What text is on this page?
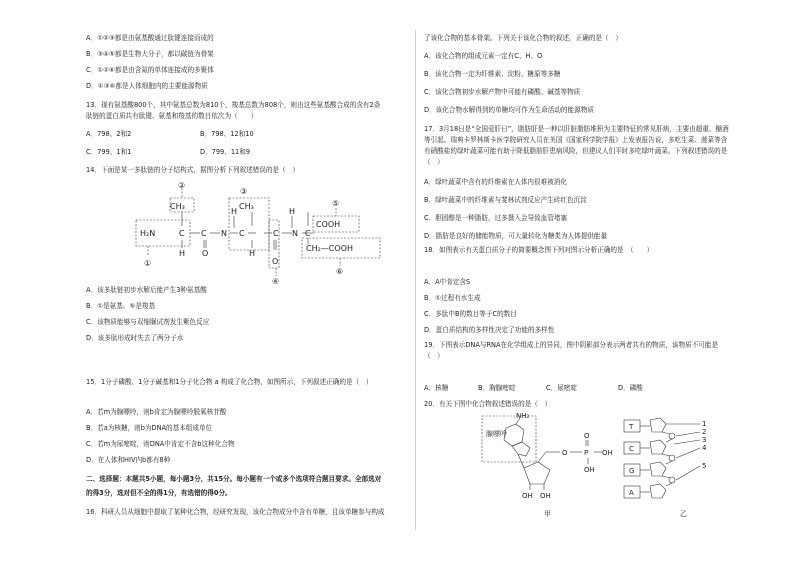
A．①②③都是由氨基酸通过肽键连接而成的
B．③④⑤都是生物大分子，都以碳链为骨架
C．①②⑥都是由含氮的单体连接成的多聚体
D．①③⑥都是人体细胞内的主要能源物质
13．现有氨基酸800个，其中氨基总数为810个，羧基总数为808个，则由这些氨基酸合成的含有2条肽链的蛋白质共有肽键、氨基和羧基的数目依次为（　　）
A．798、2和2	B．798、12和10
C．799、1和1	D．799、11和9
14．下面是某一多肽链的分子结构式，据图分析下列叙述错误的是（　）
②
CH₃
③
CH₃	⑤
H₂N	C C N
H
C	C
H
N C
COOH
CH₂—COOH
H O	H
O
①
④
⑥
A．该多肽链初步水解后能产生3种氨基酸
B．①是氨基、⑤是羧基
C．该物质能够与双缩脲试剂发生紫色反应
D．该多肽形成时失去了两分子水
15．1分子磷酸、1分子碱基和1分子化合物 a 构成了化合物，如图所示，下列叙述正确的是（　）
A．若m为腺嘌呤，则b肯定为腺嘌呤脱氧核苷酸
B．若a为核糖，则b为DNA的基本组成单位
C．若m为尿嘧啶，则DNA中肯定不含b这种化合物
D．在人体和HIV内b都有8种
二、选择题：本题共5小题，每小题3分，共15分。每小题有一个或多个选项符合题目要求。全部选对的得3分，选对但不全的得1分，有选错的得0分。
16．科研人员从细胞中提取了某种化合物，经研究发现，该化合物成分中含有单糖，且该单糖参与构成
了该化合物的基本骨架。下列关于该化合物的叙述，正确的是（　）
A．该化合物的组成元素一定有C、H、O
B．该化合物一定为纤维素、淀粉、糖原等多糖
C．该化合物初步水解产物中可能有磷酸、碱基等物质
D．该化合物水解得到的单糖均可作为生命活动的能源物质
17．3月18日是“全国爱肝日”，脂肪肝是一种以肝脏脂肪堆积为主要特征的常见肝病，主要由超重、酗酒等引起。瑞典卡罗林斯卡医学院研究人员在美国《国家科学院学报》上发表报告说，多吃生菜、菠菜等含有硝酸盐的绿叶蔬菜可能有助于降低脂肪肝患病风险，但建议人们平时多吃绿叶蔬菜。下列叙述错误的是（　）
A．绿叶蔬菜中含有的纤维素在人体内很难被消化
B．绿叶蔬菜中的纤维素与斐林试剂反应产生砖红色沉淀
C．胆固醇是一种脂肪，过多摄入会导致血管堵塞
D．脂肪是良好的储能物质，可大量转化为糖类为人体提供能量
18．如图表示有关蛋白质分子的简要概念图下列对图示分析正确的是　（　　）
A．A中肯定含S
B．①过程有水生成
C．多肽中B的数目等于C的数目
D．蛋白质结构的多样性决定了功能的多样性
19．下图表示DNA与RNA在化学组成上的异同，图中阴影部分表示两者共有的物质，该物质不可能是（　）
A．核糖	B．胸腺嘧啶	C．尿嘧啶	D．磷酸
20．有关下图中化合物叙述错误的是（　）
腺嘌呤
NH₂
OH OH
O
O P
OH
OH
甲
T
C
G
A
1
2
3
4
5
乙
